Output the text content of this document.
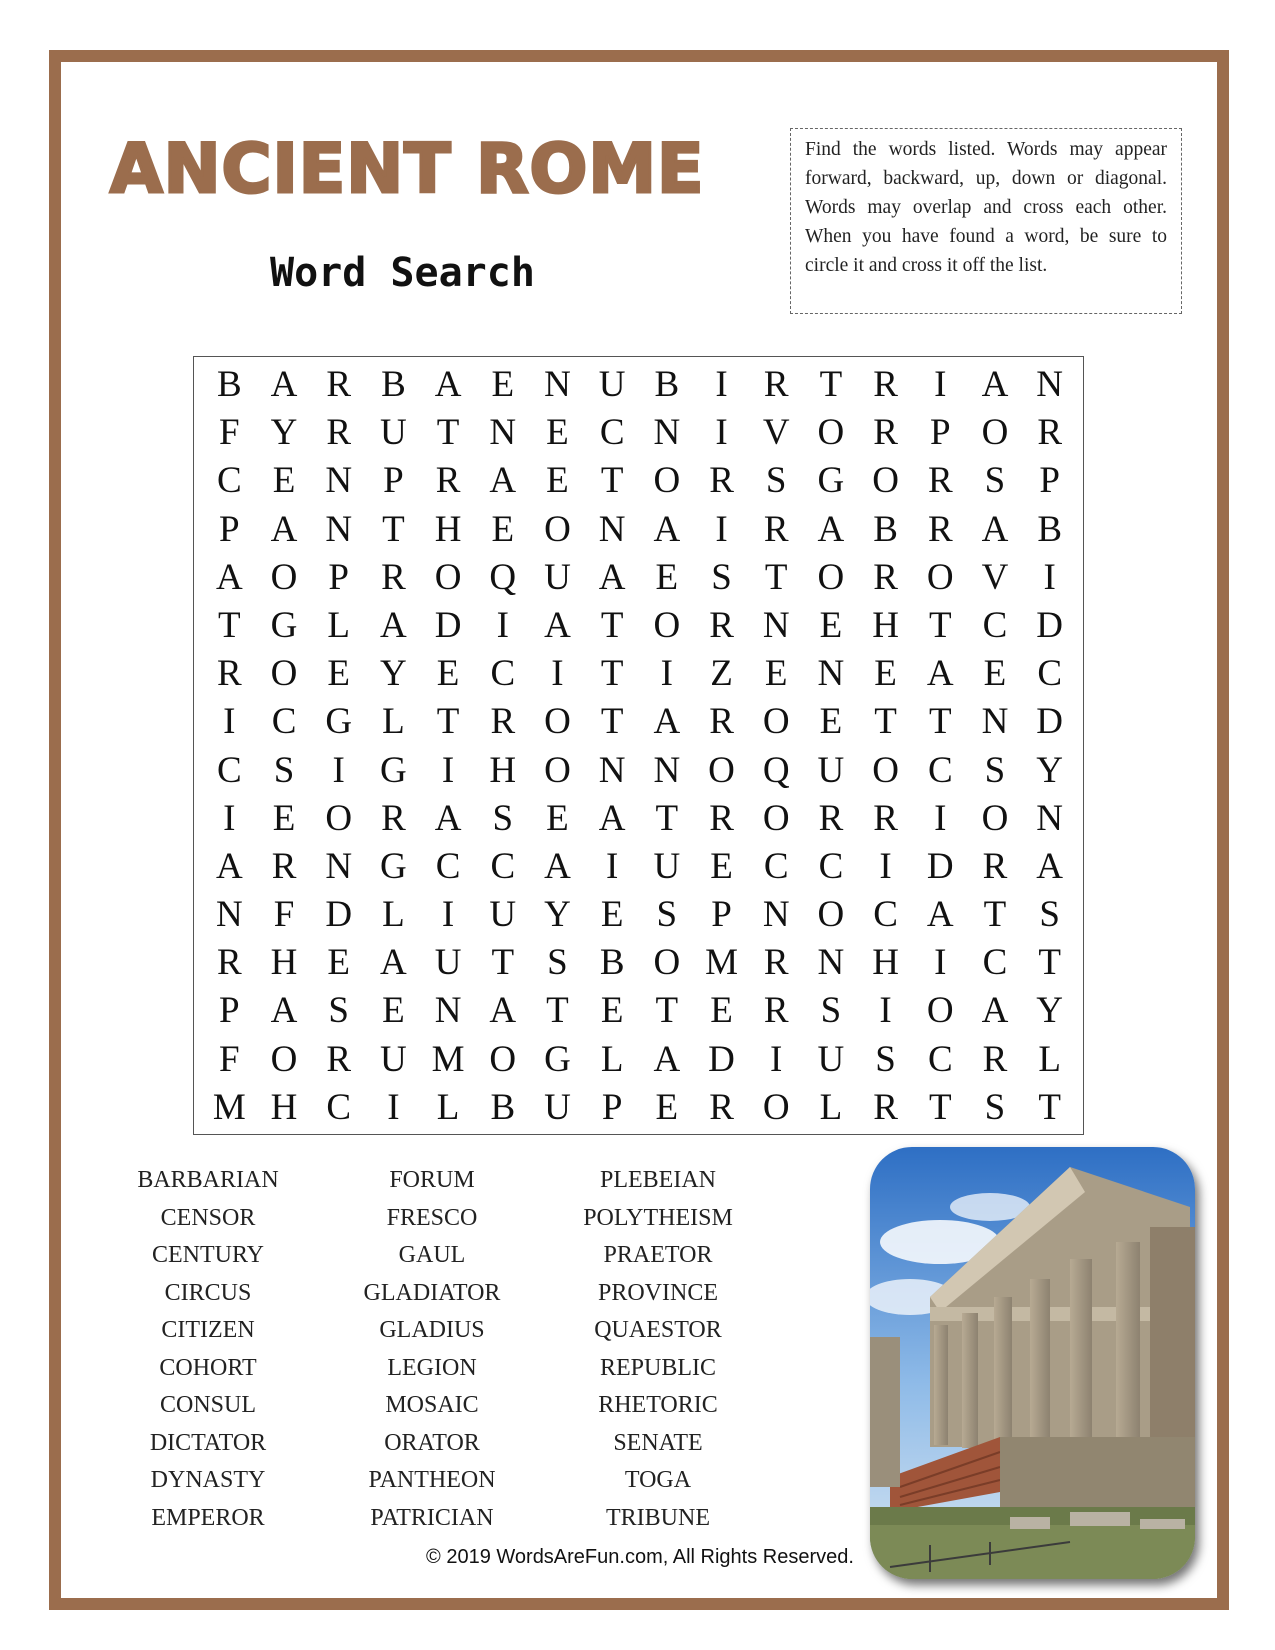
ANCIENT ROME
Word Search
Find the words listed. Words may appear forward, backward, up, down or diagonal. Words may overlap and cross each other. When you have found a word, be sure to circle it and cross it off the list.
B A R B A E N U B I R T R I A N
F Y R U T N E C N I V O R P O R
C E N P R A E T O R S G O R S P
P A N T H E O N A I R A B R A B
A O P R O Q U A E S T O R O V I
T G L A D I A T O R N E H T C D
R O E Y E C I	T	I	Z E N E A E C
I C G L T R O T A R O E T T N D
C S	I G I H O N N O Q U O C S Y
I	E O R A S E A T R O R R I O N
A R N G C C A I U E C C I D R A
N F D L	I U Y E S P N O C A T S
R H E A U T S B O M R N H I C T
P A S E N A T E T E R S	I O A Y
F O R U M O G L A D I U S C R L
M H C I	L B U P E R O L R T S T
BARBARIAN
CENSOR
CENTURY
CIRCUS
CITIZEN
COHORT
CONSUL
DICTATOR
DYNASTY
EMPEROR
FORUM
FRESCO
GAUL
GLADIATOR
GLADIUS
LEGION
MOSAIC
ORATOR
PANTHEON
PATRICIAN
PLEBEIAN
POLYTHEISM
PRAETOR
PROVINCE
QUAESTOR
REPUBLIC
RHETORIC
SENATE
TOGA
TRIBUNE
© 2019 WordsAreFun.com, All Rights Reserved.
